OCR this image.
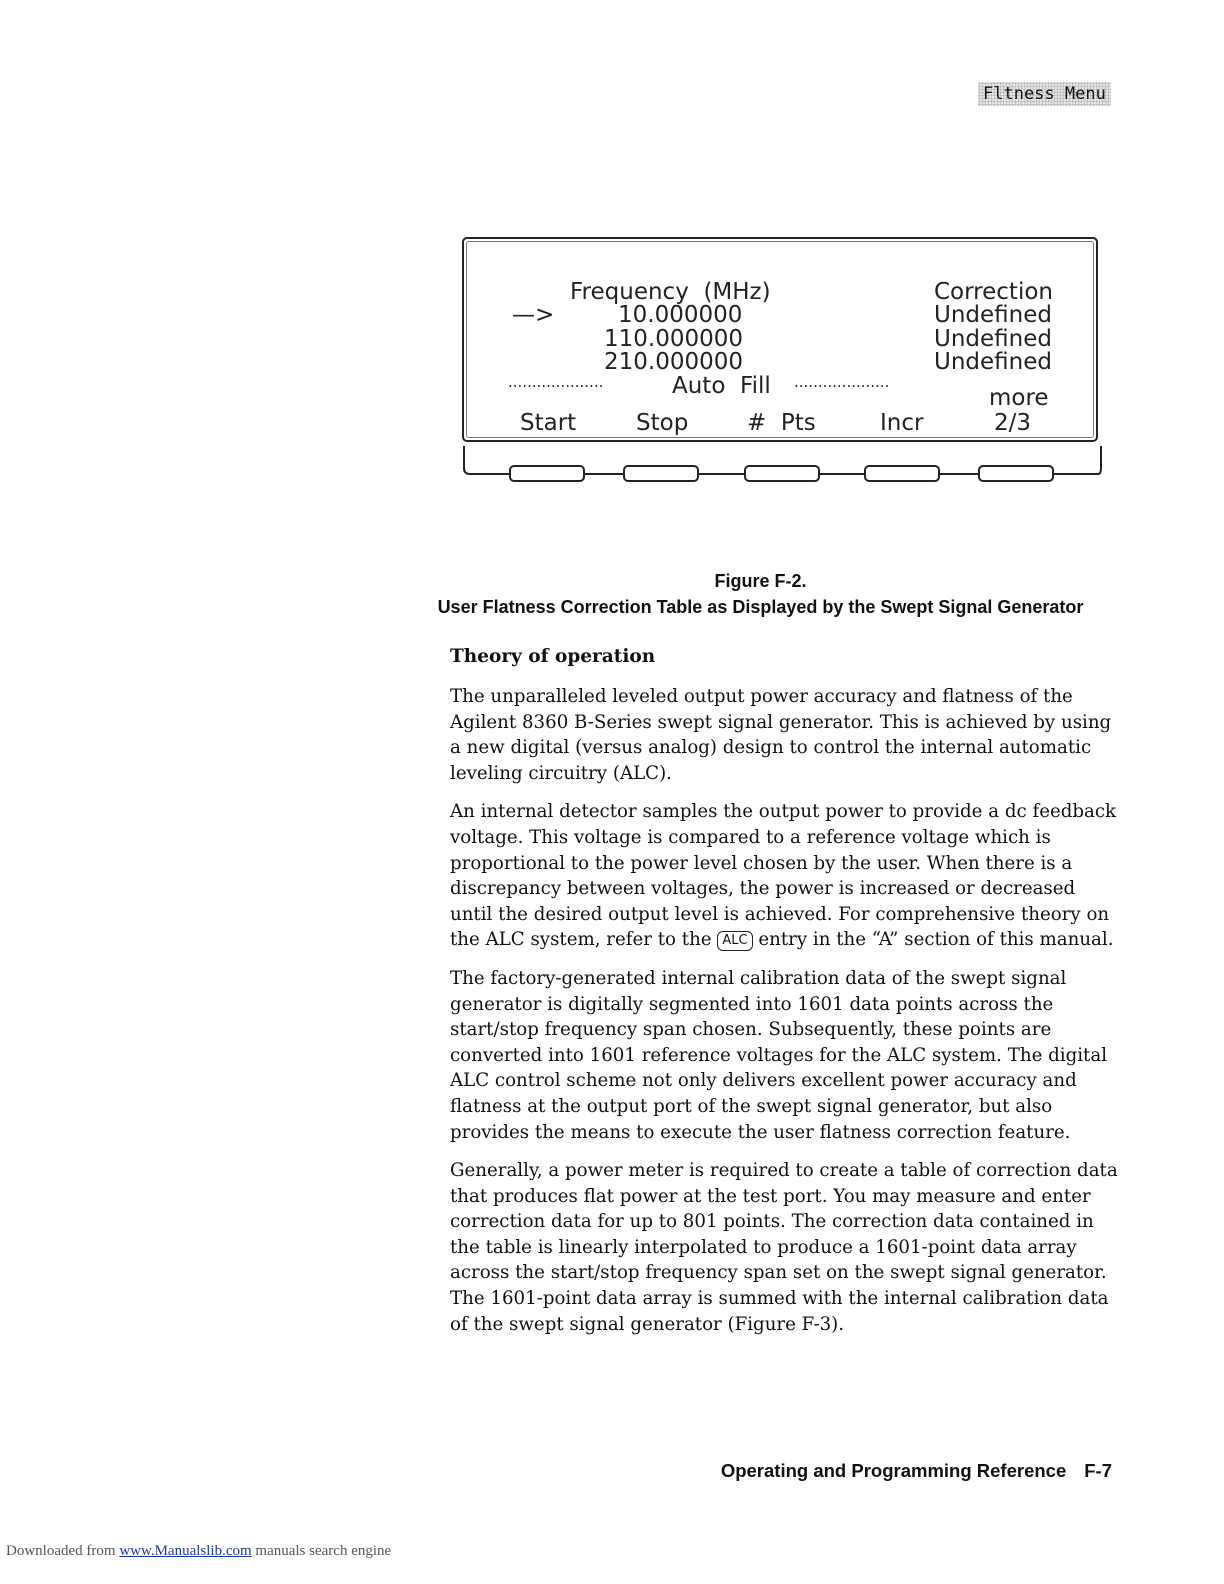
Fltness Menu
Frequency  (MHz)	Correction
—>	10.000000	Undefined
110.000000	Undefined
210.000000	Undefined
....................	Auto  Fill ....................
more
Start	Stop	#  Pts	Incr	2/3
Figure F-2.
User Flatness Correction Table as Displayed by the Swept Signal Generator
Theory of operation

The unparalleled leveled output power accuracy and flatness of the Agilent 8360 B-Series swept signal generator. This is achieved by using a new digital (versus analog) design to control the internal automatic leveling circuitry (ALC).

An internal detector samples the output power to provide a dc feedback voltage. This voltage is compared to a reference voltage which is proportional to the power level chosen by the user. When there is a discrepancy between voltages, the power is increased or decreased until the desired output level is achieved. For comprehensive theory on the ALC system, refer to the ALC entry in the “A” section of this manual.

The factory-generated internal calibration data of the swept signal generator is digitally segmented into 1601 data points across the start/stop frequency span chosen. Subsequently, these points are converted into 1601 reference voltages for the ALC system. The digital ALC control scheme not only delivers excellent power accuracy and flatness at the output port of the swept signal generator, but also provides the means to execute the user flatness correction feature.

Generally, a power meter is required to create a table of correction data that produces flat power at the test port. You may measure and enter correction data for up to 801 points. The correction data contained in the table is linearly interpolated to produce a 1601-point data array across the start/stop frequency span set on the swept signal generator. The 1601-point data array is summed with the internal calibration data of the swept signal generator (Figure F-3).

Operating and Programming Reference F-7
Downloaded from www.Manualslib.com manuals search engine
